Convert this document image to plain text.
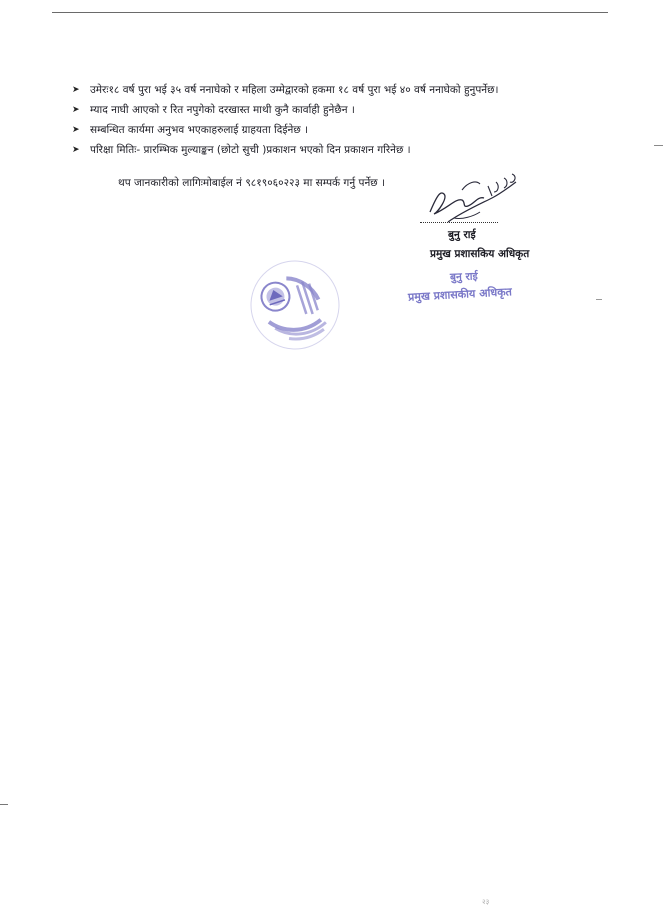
➤ उमेरः१८ वर्ष पुरा भई ३५ वर्ष ननाघेको र महिला उम्मेद्वारको हकमा १८ वर्ष पुरा भई ४० वर्ष ननाघेको हुनुपर्नेछ।
➤ म्याद नाघी आएको र रित नपुगेको दरखास्त माथी कुनै कार्वाही हुनेछैन ।
➤ सम्बन्धित कार्यमा अनुभव भएकाहरुलाई ग्राहयता दिईनेछ ।
➤ परिक्षा मितिः- प्रारम्भिक मुल्याङ्कन (छोटो सुची )प्रकाशन भएको दिन प्रकाशन गरिनेछ ।
थप जानकारीको लागिःमोबाईल नं ९८१९०६०२२३ मा सम्पर्क गर्नु पर्नेछ ।
बुनु राई
प्रमुख प्रशासकिय अधिकृत
बुनु राई
प्रमुख प्रशासकीय अधिकृत
२३
